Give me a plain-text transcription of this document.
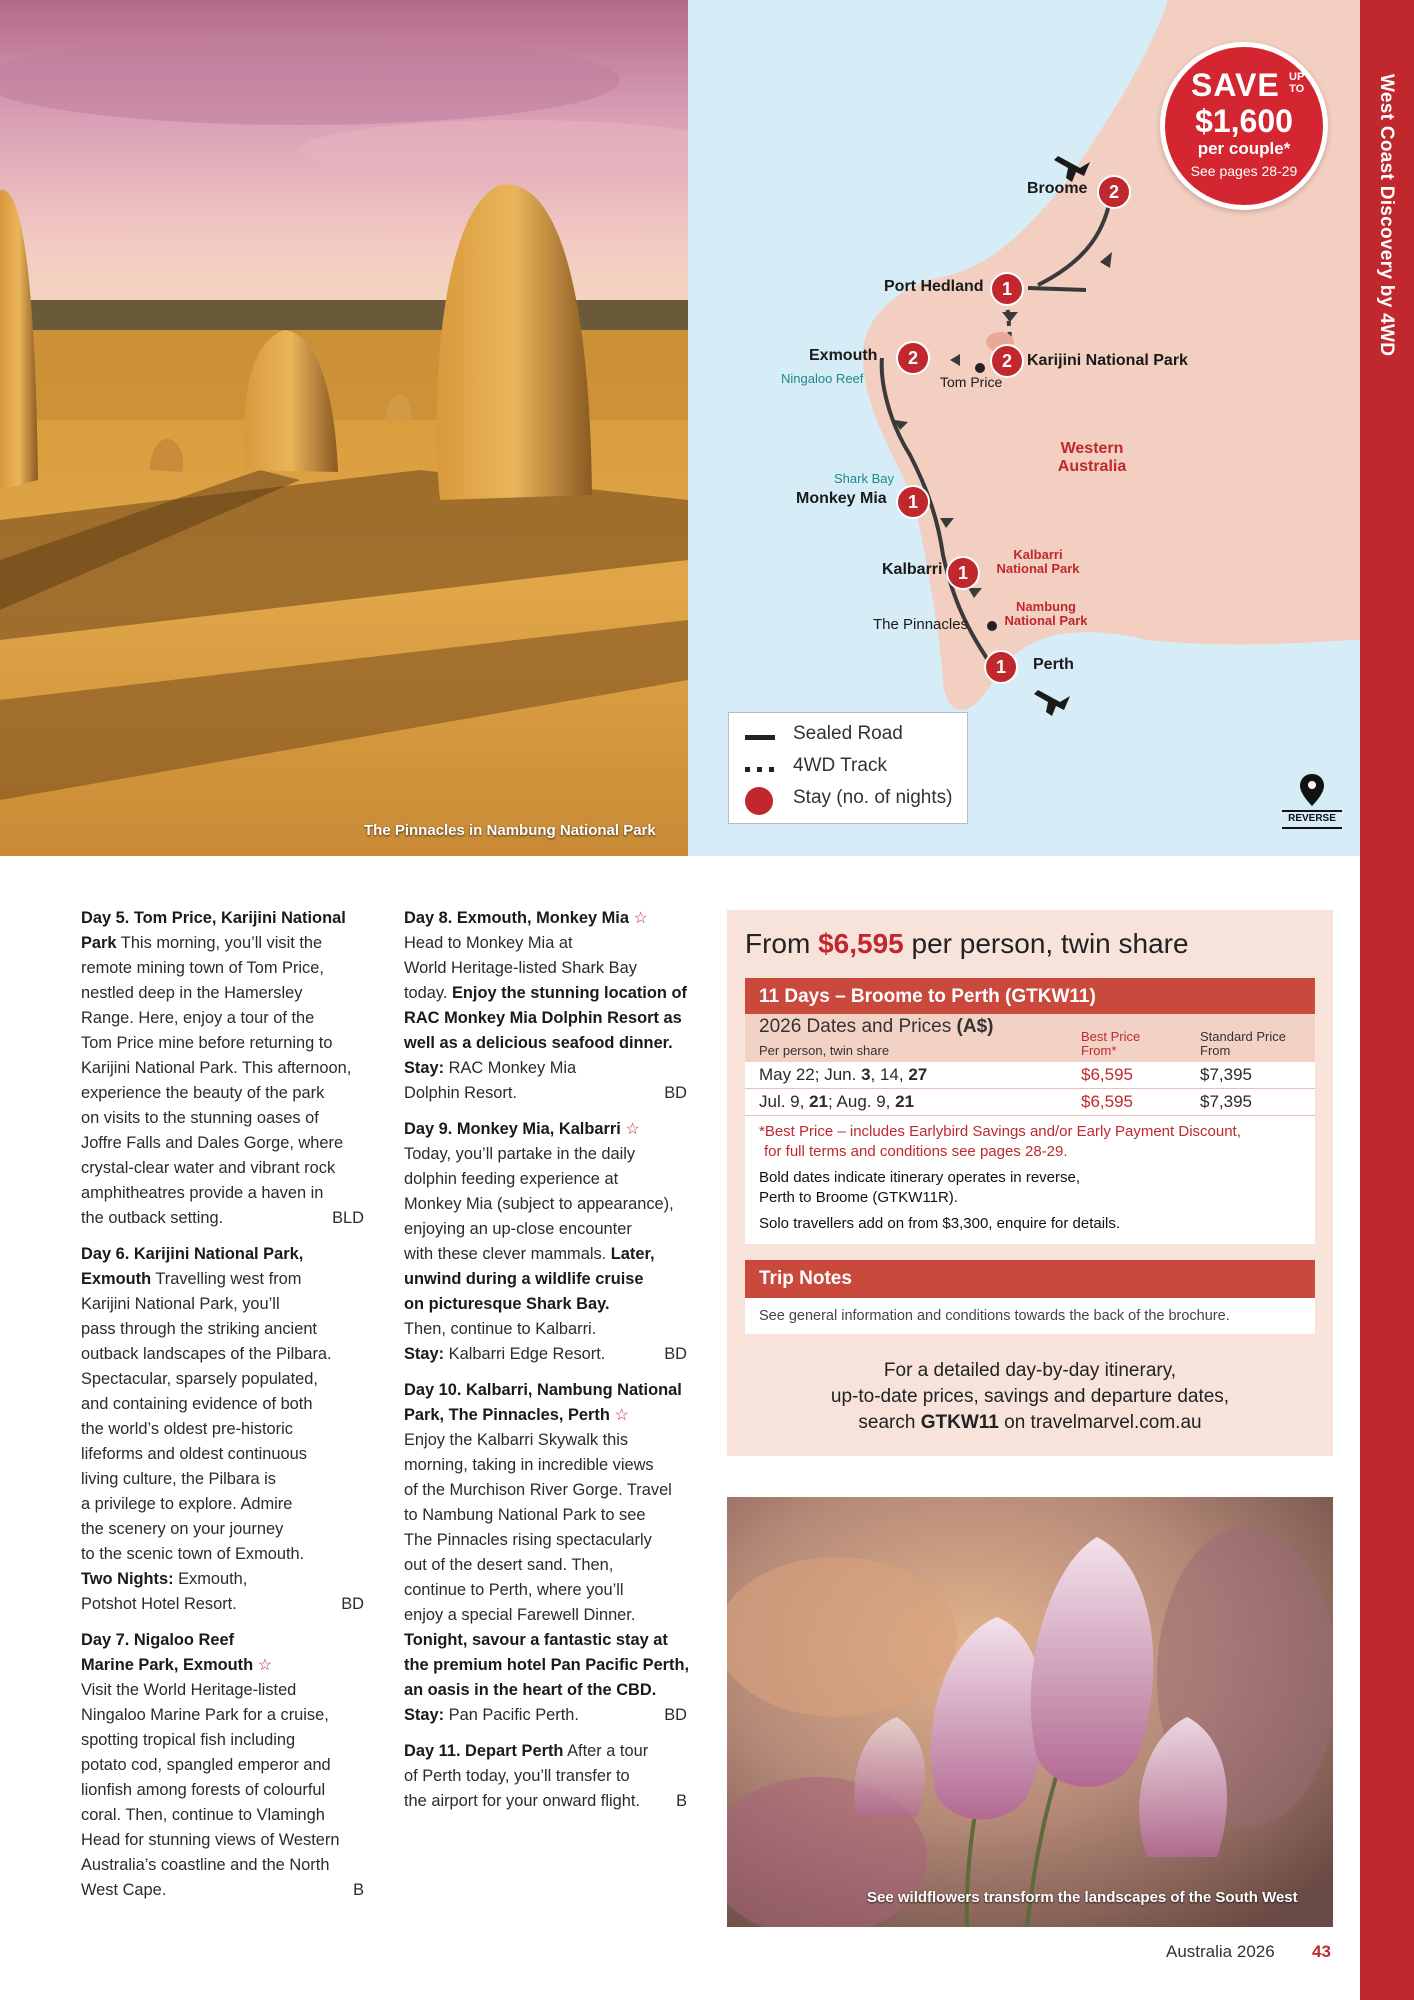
The Pinnacles in Nambung National Park
2
1
2
2
1
1
1
Broome
Port Hedland
Exmouth	Karijini National Park
Tom Price
Ningaloo Reef
Shark Bay
Monkey Mia
Kalbarri
Kalbarri
National Park
Nambung
National Park
The Pinnacles
Perth
Western
Australia
Sealed Road
4WD Track
Stay (no. of nights)
REVERSE
SAVE UP
TO
$1,600
per couple*
See pages 28-29	West Coast Discovery by 4WD
Day 5. Tom Price, Karijini National
Park This morning, you’ll visit the
remote mining town of Tom Price,
nestled deep in the Hamersley
Range. Here, enjoy a tour of the
Tom Price mine before returning to
Karijini National Park. This afternoon,
experience the beauty of the park
on visits to the stunning oases of
Joffre Falls and Dales Gorge, where
crystal-clear water and vibrant rock
amphitheatres provide a haven in
the outback setting.	BLD
Day 6. Karijini National Park,
Exmouth Travelling west from
Karijini National Park, you’ll
pass through the striking ancient
outback landscapes of the Pilbara.
Spectacular, sparsely populated,
and containing evidence of both
the world’s oldest pre-historic
lifeforms and oldest continuous
living culture, the Pilbara is
a privilege to explore. Admire
the scenery on your journey
to the scenic town of Exmouth.
Two Nights: Exmouth,
Potshot Hotel Resort.	BD
Day 7. Nigaloo Reef
Marine Park, Exmouth ☆
Visit the World Heritage-listed
Ningaloo Marine Park for a cruise,
spotting tropical fish including
potato cod, spangled emperor and
lionfish among forests of colourful
coral. Then, continue to Vlamingh
Head for stunning views of Western
Australia’s coastline and the North
West Cape.	B
Day 8. Exmouth, Monkey Mia ☆
Head to Monkey Mia at
World Heritage-listed Shark Bay
today. Enjoy the stunning location of
RAC Monkey Mia Dolphin Resort as
well as a delicious seafood dinner.
Stay: RAC Monkey Mia
Dolphin Resort.	BD
Day 9. Monkey Mia, Kalbarri ☆
Today, you’ll partake in the daily
dolphin feeding experience at
Monkey Mia (subject to appearance),
enjoying an up-close encounter
with these clever mammals. Later,
unwind during a wildlife cruise
on picturesque Shark Bay.
Then, continue to Kalbarri.
Stay: Kalbarri Edge Resort.	BD
Day 10. Kalbarri, Nambung National
Park, The Pinnacles, Perth ☆
Enjoy the Kalbarri Skywalk this
morning, taking in incredible views
of the Murchison River Gorge. Travel
to Nambung National Park to see
The Pinnacles rising spectacularly
out of the desert sand. Then,
continue to Perth, where you’ll
enjoy a special Farewell Dinner.
Tonight, savour a fantastic stay at
the premium hotel Pan Pacific Perth,
an oasis in the heart of the CBD.
Stay: Pan Pacific Perth.	BD
Day 11. Depart Perth After a tour
of Perth today, you’ll transfer to
the airport for your onward flight. B
From $6,595 per person, twin share
11 Days – Broome to Perth (GTKW11)
2026 Dates and Prices (A$)
Per person, twin share
Best Price
From*
Standard Price
From
May 22; Jun. 3, 14, 27	$6,595	$7,395
Jul. 9, 21; Aug. 9, 21	$6,595	$7,395
*Best Price – includes Earlybird Savings and/or Early Payment Discount,
for full terms and conditions see pages 28-29.
Bold dates indicate itinerary operates in reverse,
Perth to Broome (GTKW11R).
Solo travellers add on from $3,300, enquire for details.
Trip Notes
See general information and conditions towards the back of the brochure.
For a detailed day-by-day itinerary,
up-to-date prices, savings and departure dates,
search GTKW11 on travelmarvel.com.au
See wildflowers transform the landscapes of the South West
Australia 2026 43
